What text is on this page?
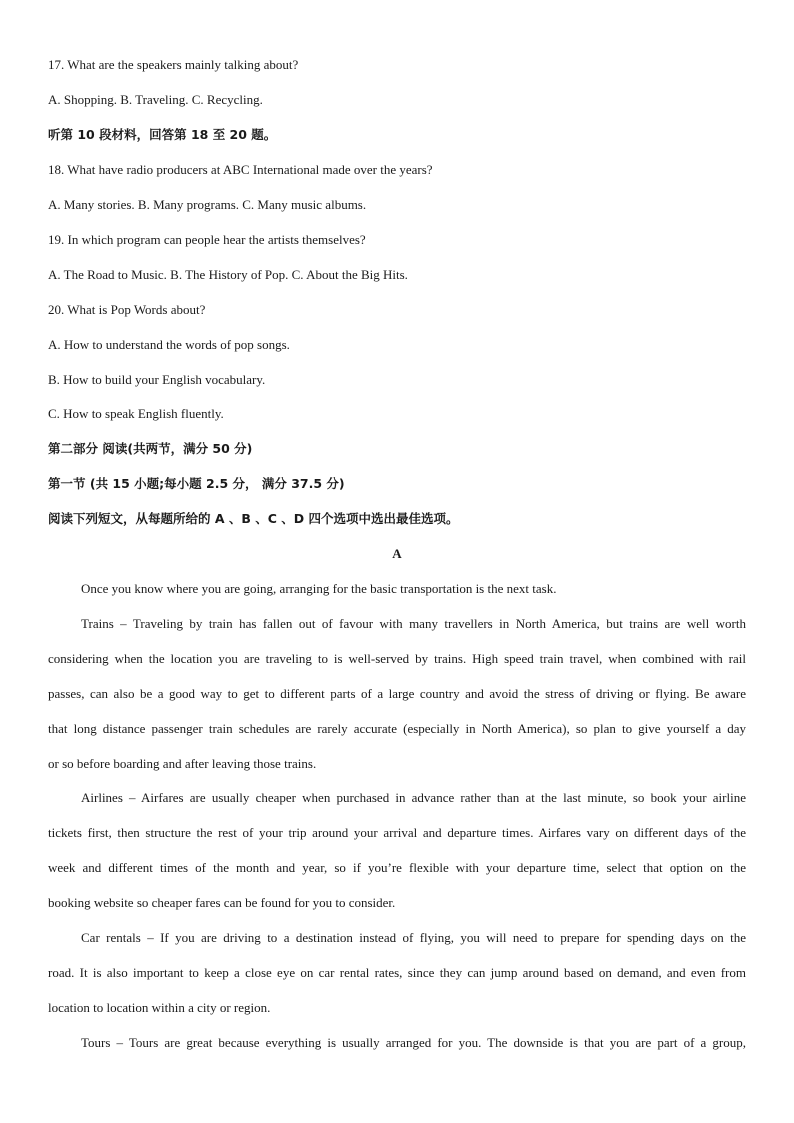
17. What are the speakers mainly talking about?
A. Shopping. B. Traveling. C. Recycling.
听第 10 段材料，回答第 18 至 20 题。
18. What have radio producers at ABC International made over the years?
A. Many stories. B. Many programs. C. Many music albums.
19. In which program can people hear the artists themselves?
A. The Road to Music. B. The History of Pop. C. About the Big Hits.
20. What is Pop Words about?
A. How to understand the words of pop songs.
B. How to build your English vocabulary.
C. How to speak English fluently.
第二部分 阅读(共两节，满分 50 分)
第一节 (共 15 小题;每小题 2.5 分， 满分 37.5 分)
阅读下列短文，从每题所给的 A 、B 、C 、D 四个选项中选出最佳选项。
A
Once you know where you are going, arranging for the basic transportation is the next task.
Trains – Traveling by train has fallen out of favour with many travellers in North America, but trains are well worth
considering when the location you are traveling to is well-served by trains. High speed train travel, when combined with rail
passes, can also be a good way to get to different parts of a large country and avoid the stress of driving or flying. Be aware
that long distance passenger train schedules are rarely accurate (especially in North America), so plan to give yourself a day
or so before boarding and after leaving those trains.
Airlines – Airfares are usually cheaper when purchased in advance rather than at the last minute, so book your airline
tickets first, then structure the rest of your trip around your arrival and departure times. Airfares vary on different days of the
week and different times of the month and year, so if you’re flexible with your departure time, select that option on the
booking website so cheaper fares can be found for you to consider.
Car rentals – If you are driving to a destination instead of flying, you will need to prepare for spending days on the
road. It is also important to keep a close eye on car rental rates, since they can jump around based on demand, and even from
location to location within a city or region.
Tours – Tours are great because everything is usually arranged for you. The downside is that you are part of a group,
